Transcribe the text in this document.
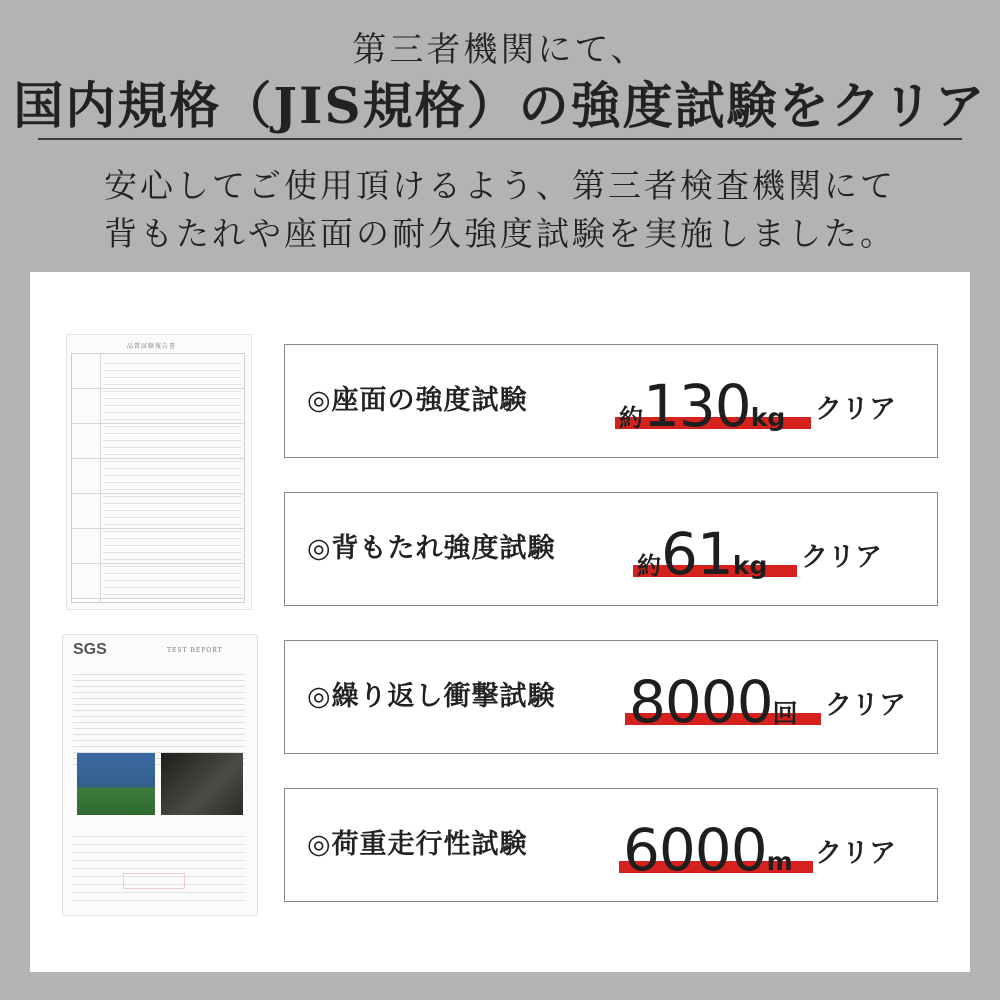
第三者機関にて、
国内規格（JIS規格）の強度試験をクリア
安心してご使用頂けるよう、第三者検査機関にて
背もたれや座面の耐久強度試験を実施しました。
品質試験報告書
SGS	TEST REPORT
◎座面の強度試験
約130kg クリア
◎背もたれ強度試験
約61kg クリア
◎繰り返し衝撃試験 8000回 クリア
◎荷重走行性試験 6000m クリア
